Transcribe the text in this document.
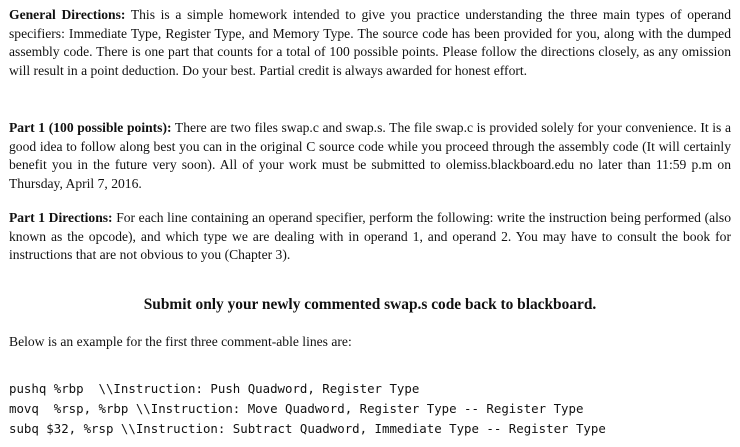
General Directions: This is a simple homework intended to give you practice understanding the three main types of operand specifiers: Immediate Type, Register Type, and Memory Type. The source code has been provided for you, along with the dumped assembly code. There is one part that counts for a total of 100 possible points. Please follow the directions closely, as any omission will result in a point deduction. Do your best. Partial credit is always awarded for honest effort.

Part 1 (100 possible points): There are two files swap.c and swap.s. The file swap.c is provided solely for your convenience. It is a good idea to follow along best you can in the original C source code while you proceed through the assembly code (It will certainly benefit you in the future very soon). All of your work must be submitted to olemiss.blackboard.edu no later than 11:59 p.m on Thursday, April 7, 2016.

Part 1 Directions: For each line containing an operand specifier, perform the following: write the instruction being performed (also known as the opcode), and which type we are dealing with in operand 1, and operand 2. You may have to consult the book for instructions that are not obvious to you (Chapter 3).

Submit only your newly commented swap.s code back to blackboard.
Below is an example for the first three comment-able lines are:
pushq %rbp  \\Instruction: Push Quadword, Register Type
movq  %rsp, %rbp \\Instruction: Move Quadword, Register Type -- Register Type
subq $32, %rsp \\Instruction: Subtract Quadword, Immediate Type -- Register Type
